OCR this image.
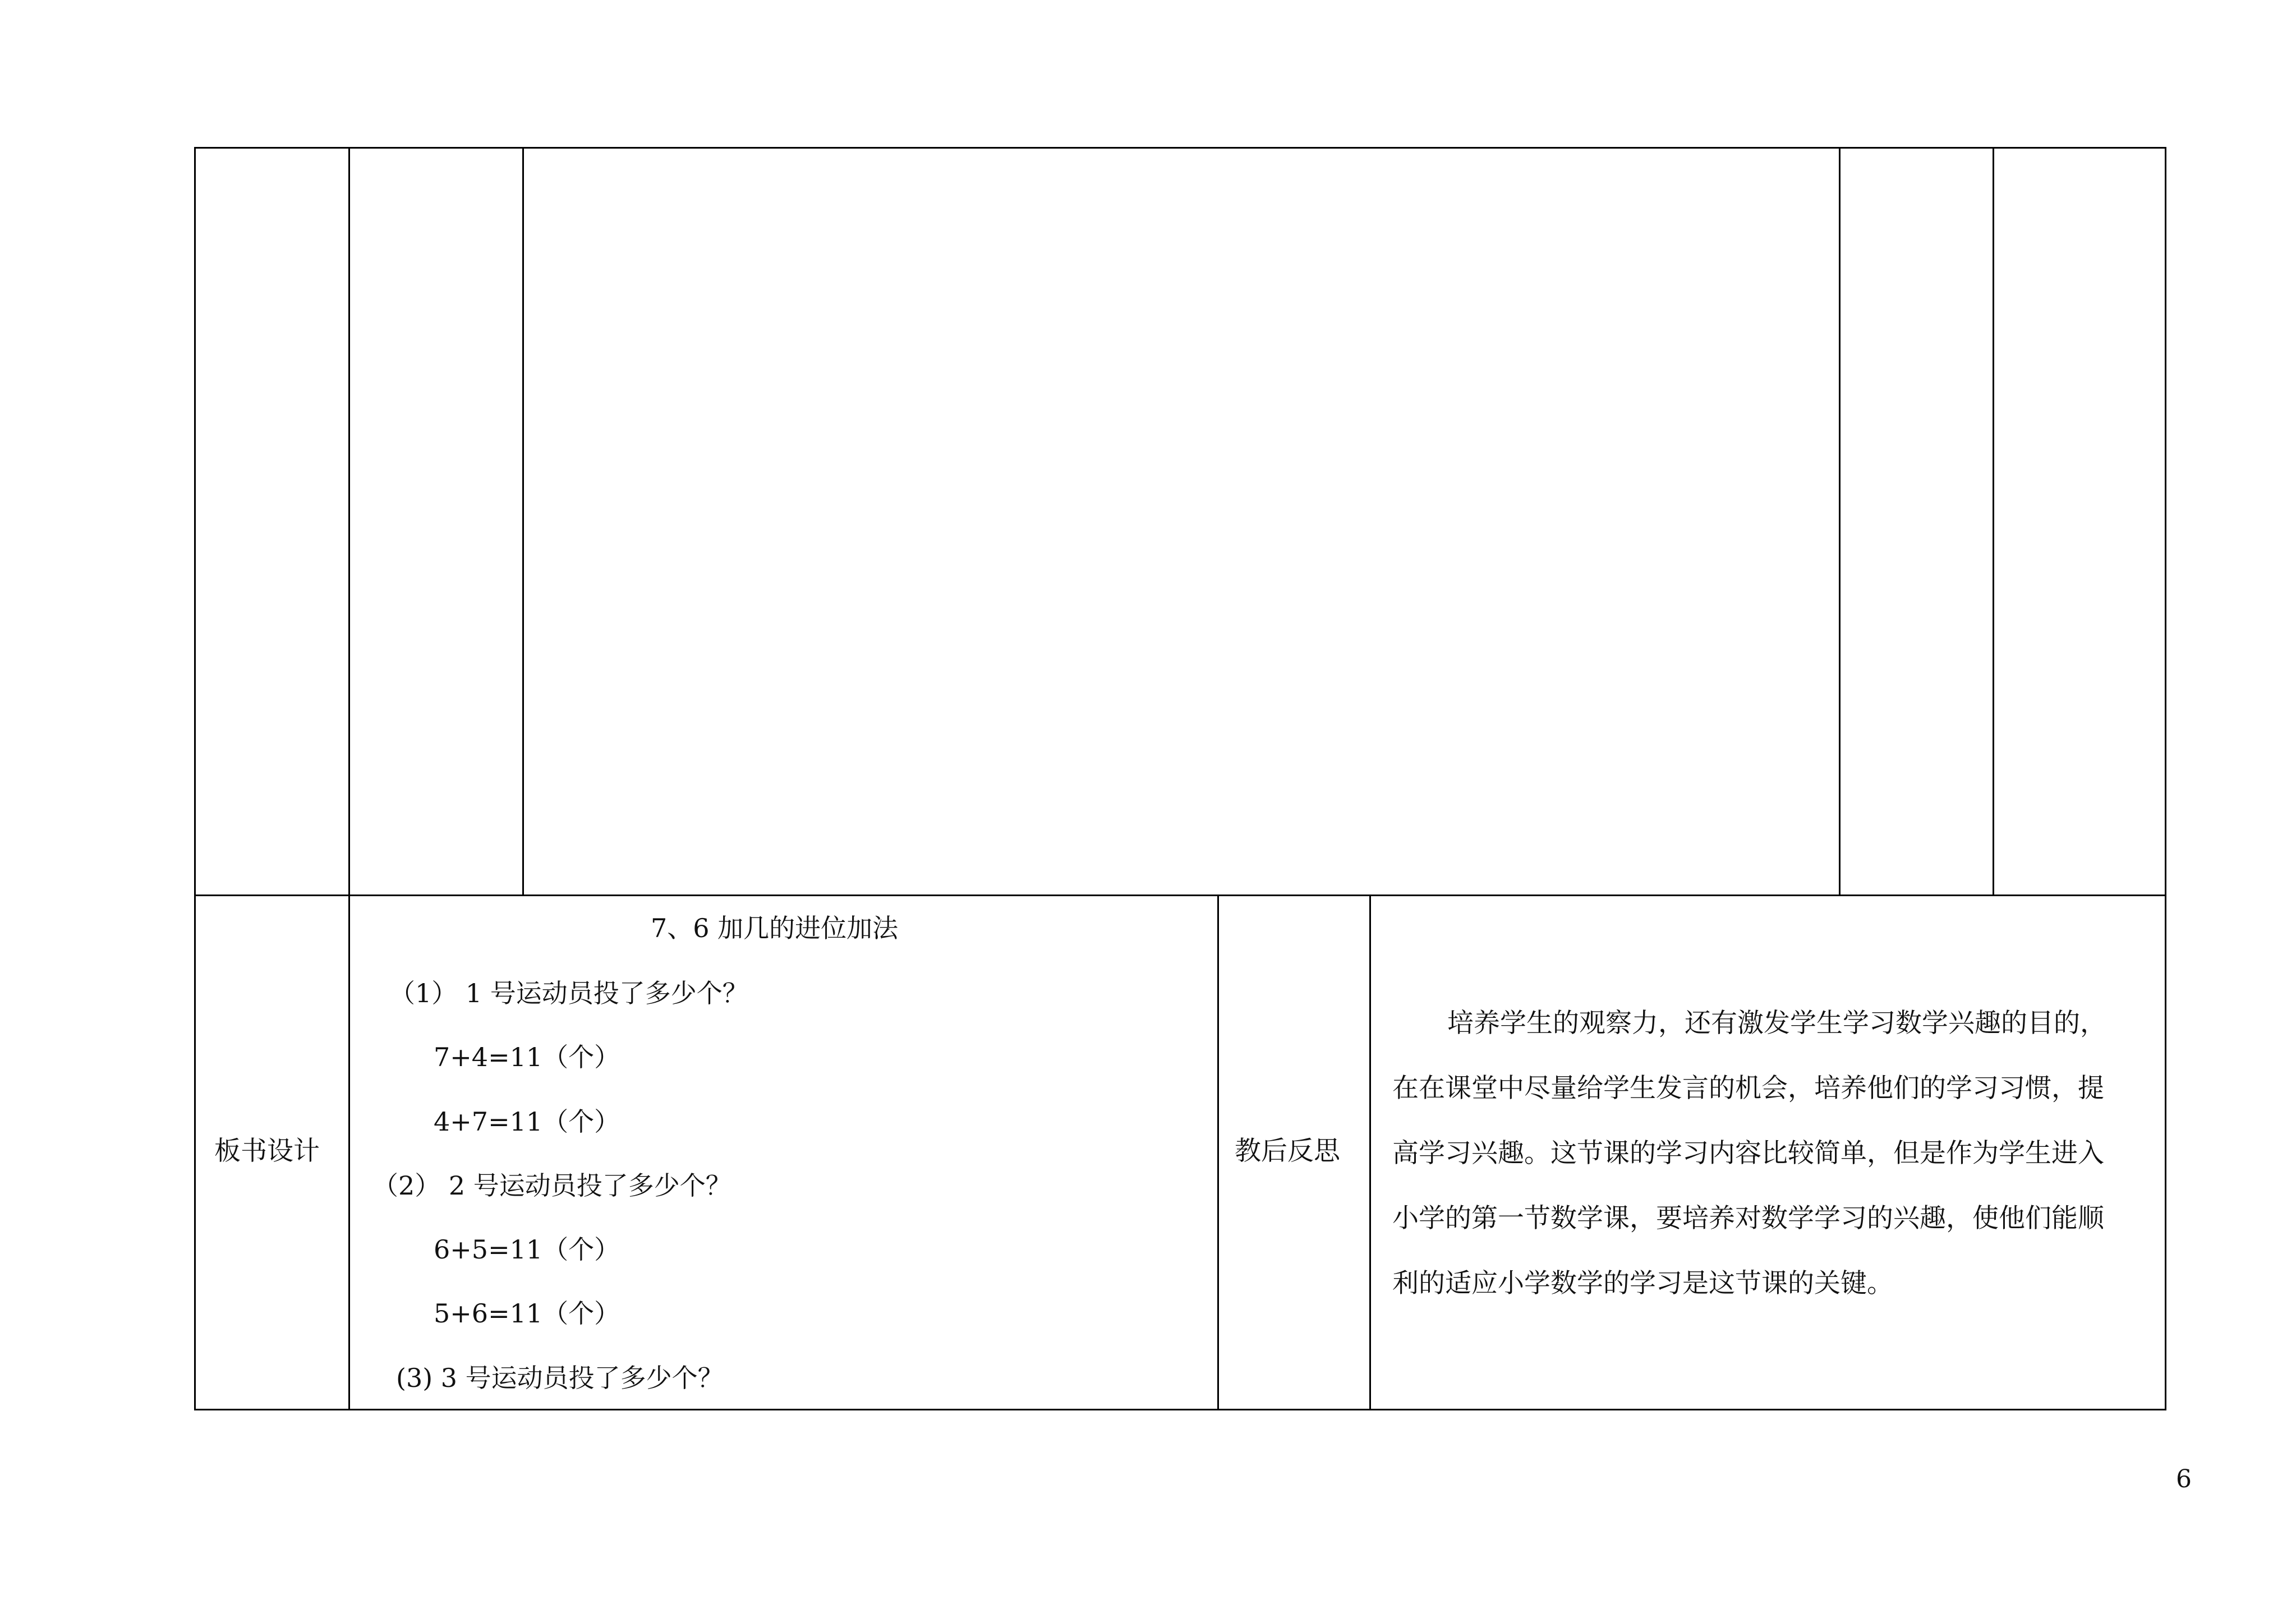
板书设计
7、6 加几的进位加法
（1） 1 号运动员投了多少个？
7+4=11（个）
4+7=11（个）
（2） 2 号运动员投了多少个？
6+5=11（个）
5+6=11（个）
(3) 3 号运动员投了多少个？
教后反思
培养学生的观察力，还有激发学生学习数学兴趣的目的，
在在课堂中尽量给学生发言的机会，培养他们的学习习惯，提
高学习兴趣。这节课的学习内容比较简单，但是作为学生进入
小学的第一节数学课，要培养对数学学习的兴趣，使他们能顺
利的适应小学数学的学习是这节课的关键。
6
